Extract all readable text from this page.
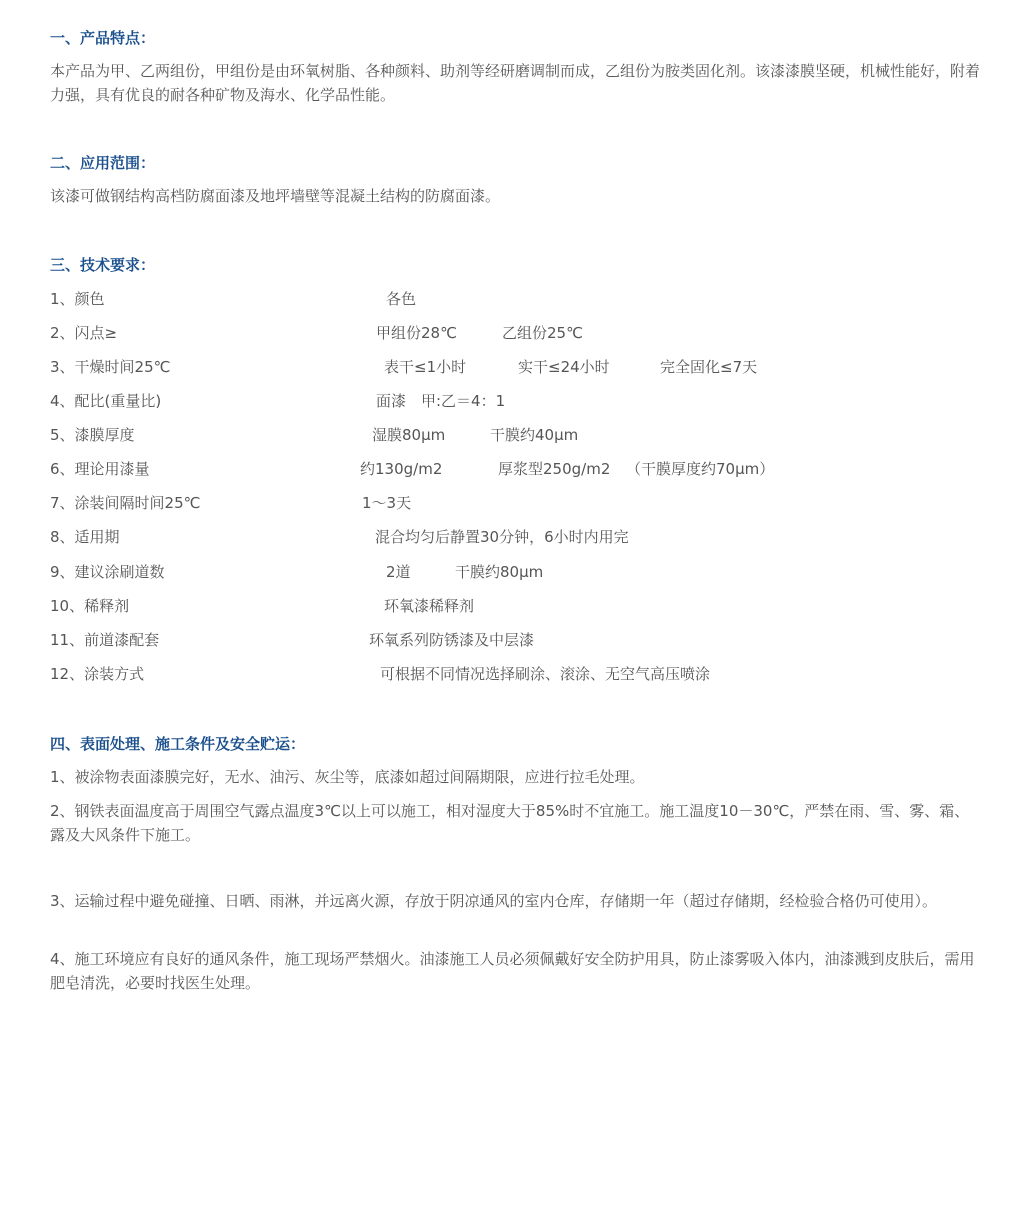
一、产品特点：
本产品为甲、乙两组份，甲组份是由环氧树脂、各种颜料、助剂等经研磨调制而成，乙组份为胺类固化剂。该漆漆膜坚硬，机械性能好，附着力强，具有优良的耐各种矿物及海水、化学品性能。
二、应用范围：
该漆可做钢结构高档防腐面漆及地坪墙壁等混凝土结构的防腐面漆。
三、技术要求：
1、颜色	各色
2、闪点≥	甲组份28℃	乙组份25℃
3、干燥时间25℃	表干≤1小时	实干≤24小时	完全固化≤7天
4、配比(重量比)	面漆　甲:乙＝4：1
5、漆膜厚度	湿膜80μm	干膜约40μm
6、理论用漆量	约130g/m2	厚浆型250g/m2 （干膜厚度约70μm）
7、涂装间隔时间25℃	1～3天
8、适用期	混合均匀后静置30分钟，6小时内用完
9、建议涂刷道数	2道	干膜约80μm
10、稀释剂	环氧漆稀释剂
11、前道漆配套	环氧系列防锈漆及中层漆
12、涂装方式	可根据不同情况选择刷涂、滚涂、无空气高压喷涂
四、表面处理、施工条件及安全贮运：
1、被涂物表面漆膜完好，无水、油污、灰尘等，底漆如超过间隔期限，应进行拉毛处理。
2、钢铁表面温度高于周围空气露点温度3℃以上可以施工，相对湿度大于85%时不宜施工。施工温度10－30℃，严禁在雨、雪、雾、霜、露及大风条件下施工。
3、运输过程中避免碰撞、日晒、雨淋，并远离火源，存放于阴凉通风的室内仓库，存储期一年（超过存储期，经检验合格仍可使用）。
4、施工环境应有良好的通风条件，施工现场严禁烟火。油漆施工人员必须佩戴好安全防护用具，防止漆雾吸入体内，油漆溅到皮肤后，需用肥皂清洗，必要时找医生处理。
